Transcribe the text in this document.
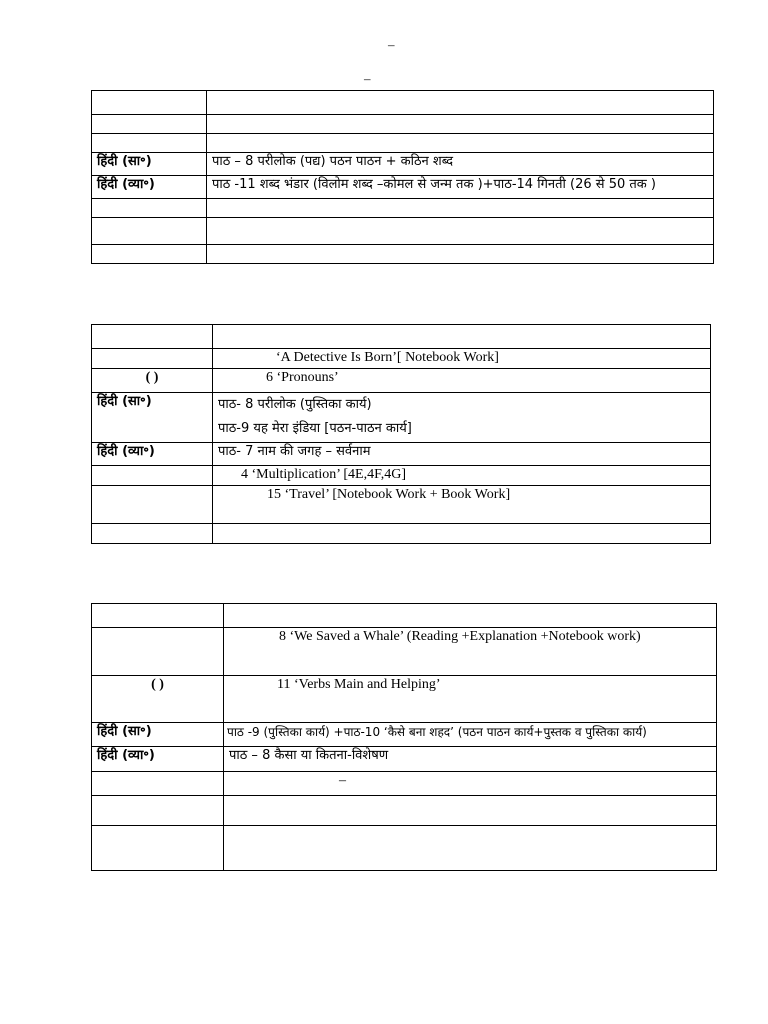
–
–

हिंदी (सा॰)	पाठ – 8 परीलोक (पद्य) पठन पाठन + कठिन शब्द
हिंदी (व्या॰)	पाठ -11 शब्द भंडार (विलोम शब्द –कोमल से जन्म तक )+पाठ-14 गिनती (26 से 50 तक )

	‘A Detective Is Born’[ Notebook Work]
( )	6 ‘Pronouns’
हिंदी (सा॰)	पाठ- 8 परीलोक (पुस्तिका कार्य)
पाठ-9 यह मेरा इंडिया [पठन-पाठन कार्य]

हिंदी (व्या॰)	पाठ- 7 नाम की जगह – सर्वनाम
	4 ‘Multiplication’ [4E,4F,4G]
	15 ‘Travel’ [Notebook Work + Book Work]

	8 ‘We Saved a Whale’ (Reading +Explanation +Notebook work)
( )	11 ‘Verbs Main and Helping’
हिंदी (सा॰)	पाठ -9 (पुस्तिका कार्य) +पाठ-10 ‘कैसे बना शहद’ (पठन पाठन कार्य+पुस्तक व पुस्तिका कार्य)
हिंदी (व्या॰)	पाठ – 8 कैसा या कितना-विशेषण
	–
